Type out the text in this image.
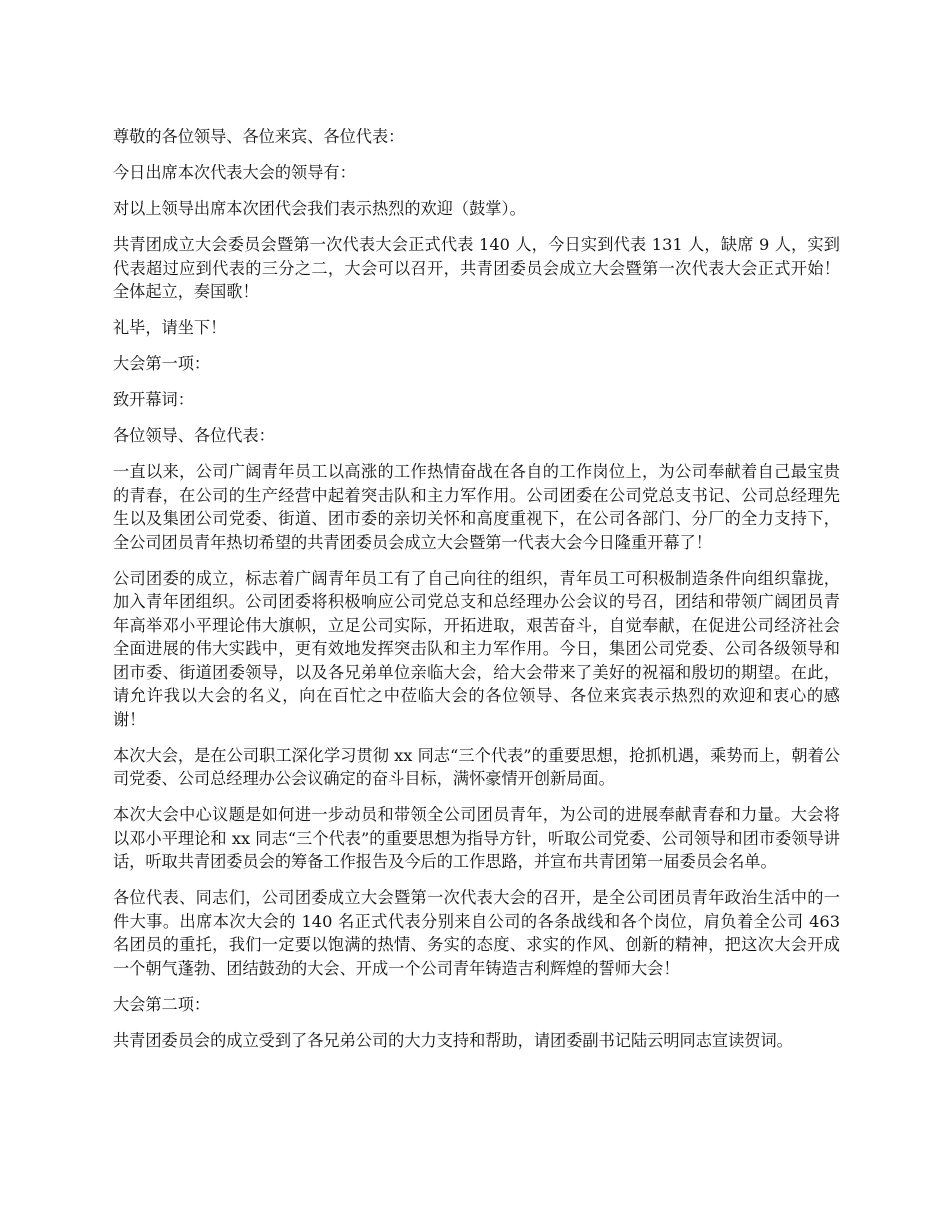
尊敬的各位领导、各位来宾、各位代表：

今日出席本次代表大会的领导有：

对以上领导出席本次团代会我们表示热烈的欢迎（鼓掌）。

共青团成立大会委员会暨第一次代表大会正式代表 140 人，今日实到代表 131 人，缺席 9 人，实到代表超过应到代表的三分之二，大会可以召开，共青团委员会成立大会暨第一次代表大会正式开始！全体起立，奏国歌！

礼毕，请坐下！

大会第一项：

致开幕词：

各位领导、各位代表：

一直以来，公司广阔青年员工以高涨的工作热情奋战在各自的工作岗位上，为公司奉献着自己最宝贵的青春，在公司的生产经营中起着突击队和主力军作用。公司团委在公司党总支书记、公司总经理先生以及集团公司党委、街道、团市委的亲切关怀和高度重视下，在公司各部门、分厂的全力支持下，全公司团员青年热切希望的共青团委员会成立大会暨第一代表大会今日隆重开幕了！

公司团委的成立，标志着广阔青年员工有了自己向往的组织，青年员工可积极制造条件向组织靠拢，加入青年团组织。公司团委将积极响应公司党总支和总经理办公会议的号召，团结和带领广阔团员青年高举邓小平理论伟大旗帜，立足公司实际，开拓进取，艰苦奋斗，自觉奉献，在促进公司经济社会全面进展的伟大实践中，更有效地发挥突击队和主力军作用。今日，集团公司党委、公司各级领导和团市委、街道团委领导，以及各兄弟单位亲临大会，给大会带来了美好的祝福和殷切的期望。在此，请允许我以大会的名义，向在百忙之中莅临大会的各位领导、各位来宾表示热烈的欢迎和衷心的感谢！

本次大会，是在公司职工深化学习贯彻 xx 同志“三个代表”的重要思想，抢抓机遇，乘势而上，朝着公司党委、公司总经理办公会议确定的奋斗目标，满怀豪情开创新局面。

本次大会中心议题是如何进一步动员和带领全公司团员青年，为公司的进展奉献青春和力量。大会将以邓小平理论和 xx 同志“三个代表”的重要思想为指导方针，听取公司党委、公司领导和团市委领导讲话，听取共青团委员会的筹备工作报告及今后的工作思路，并宣布共青团第一届委员会名单。

各位代表、同志们，公司团委成立大会暨第一次代表大会的召开，是全公司团员青年政治生活中的一件大事。出席本次大会的 140 名正式代表分别来自公司的各条战线和各个岗位，肩负着全公司 463 名团员的重托，我们一定要以饱满的热情、务实的态度、求实的作风、创新的精神，把这次大会开成一个朝气蓬勃、团结鼓劲的大会、开成一个公司青年铸造吉利辉煌的誓师大会！

大会第二项：

共青团委员会的成立受到了各兄弟公司的大力支持和帮助，请团委副书记陆云明同志宣读贺词。
